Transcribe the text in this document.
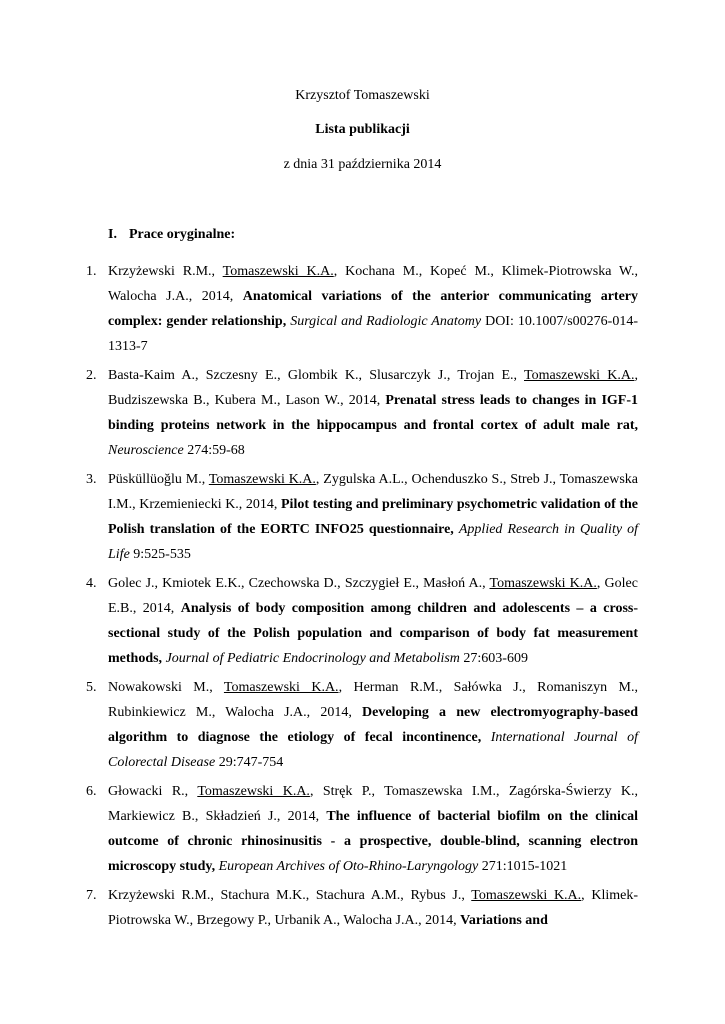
Krzysztof Tomaszewski
Lista publikacji
z dnia 31 października 2014
I. Prace oryginalne:
1. Krzyżewski R.M., Tomaszewski K.A., Kochana M., Kopeć M., Klimek-Piotrowska W., Walocha J.A., 2014, Anatomical variations of the anterior communicating artery complex: gender relationship, Surgical and Radiologic Anatomy DOI: 10.1007/s00276-014-1313-7
2. Basta-Kaim A., Szczesny E., Glombik K., Slusarczyk J., Trojan E., Tomaszewski K.A., Budziszewska B., Kubera M., Lason W., 2014, Prenatal stress leads to changes in IGF-1 binding proteins network in the hippocampus and frontal cortex of adult male rat, Neuroscience 274:59-68
3. Püsküllüoğlu M., Tomaszewski K.A., Zygulska A.L., Ochenduszko S., Streb J., Tomaszewska I.M., Krzemieniecki K., 2014, Pilot testing and preliminary psychometric validation of the Polish translation of the EORTC INFO25 questionnaire, Applied Research in Quality of Life 9:525-535
4. Golec J., Kmiotek E.K., Czechowska D., Szczygieł E., Masłoń A., Tomaszewski K.A., Golec E.B., 2014, Analysis of body composition among children and adolescents – a cross-sectional study of the Polish population and comparison of body fat measurement methods, Journal of Pediatric Endocrinology and Metabolism 27:603-609
5. Nowakowski M., Tomaszewski K.A., Herman R.M., Sałówka J., Romaniszyn M., Rubinkiewicz M., Walocha J.A., 2014, Developing a new electromyography-based algorithm to diagnose the etiology of fecal incontinence, International Journal of Colorectal Disease 29:747-754
6. Głowacki R., Tomaszewski K.A., Stręk P., Tomaszewska I.M., Zagórska-Świerzy K., Markiewicz B., Składzień J., 2014, The influence of bacterial biofilm on the clinical outcome of chronic rhinosinusitis - a prospective, double-blind, scanning electron microscopy study, European Archives of Oto-Rhino-Laryngology 271:1015-1021
7. Krzyżewski R.M., Stachura M.K., Stachura A.M., Rybus J., Tomaszewski K.A., Klimek-Piotrowska W., Brzegowy P., Urbanik A., Walocha J.A., 2014, Variations and
